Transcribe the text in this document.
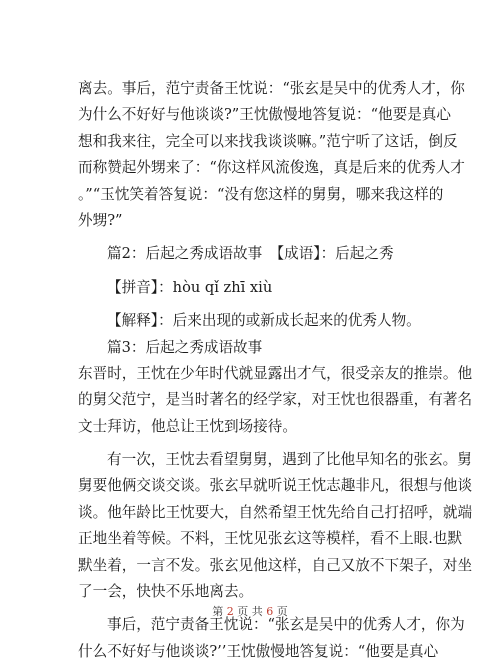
离去。事后，范宁责备王忱说：“张玄是吴中的优秀人才，你
为什么不好好与他谈谈?”王忱傲慢地答复说：“他要是真心
想和我来往，完全可以来找我谈谈嘛。”范宁听了这话，倒反
而称赞起外甥来了：“你这样风流俊逸，真是后来的优秀人才
。”“玉忱笑着答复说：“没有您这样的舅舅，哪来我这样的
外甥?”
篇2：后起之秀成语故事　【成语】：后起之秀
【拼音】：hòu qǐ zhī xiù
【解释】：后来出现的或新成长起来的优秀人物。
篇3：后起之秀成语故事
东晋时，王忱在少年时代就显露出才气，很受亲友的推崇。他
的舅父范宁，是当时著名的经学家，对王忱也很器重，有著名
文士拜访，他总让王忱到场接待。
有一次，王忱去看望舅舅，遇到了比他早知名的张玄。舅
舅要他俩交谈交谈。张玄早就听说王忱志趣非凡，很想与他谈
谈。他年龄比王忱要大，自然希望王忱先给自己打招呼，就端
正地坐着等候。不料，王忱见张玄这等模样，看不上眼.也默
默坐着，一言不发。张玄见他这样，自己又放不下架子，对坐
了一会，快快不乐地离去。
事后，范宁责备王忱说：“张玄是吴中的优秀人才，你为
什么不好好与他谈谈?’’王忱傲慢地答复说：“他要是真心
第 2 页 共 6 页
